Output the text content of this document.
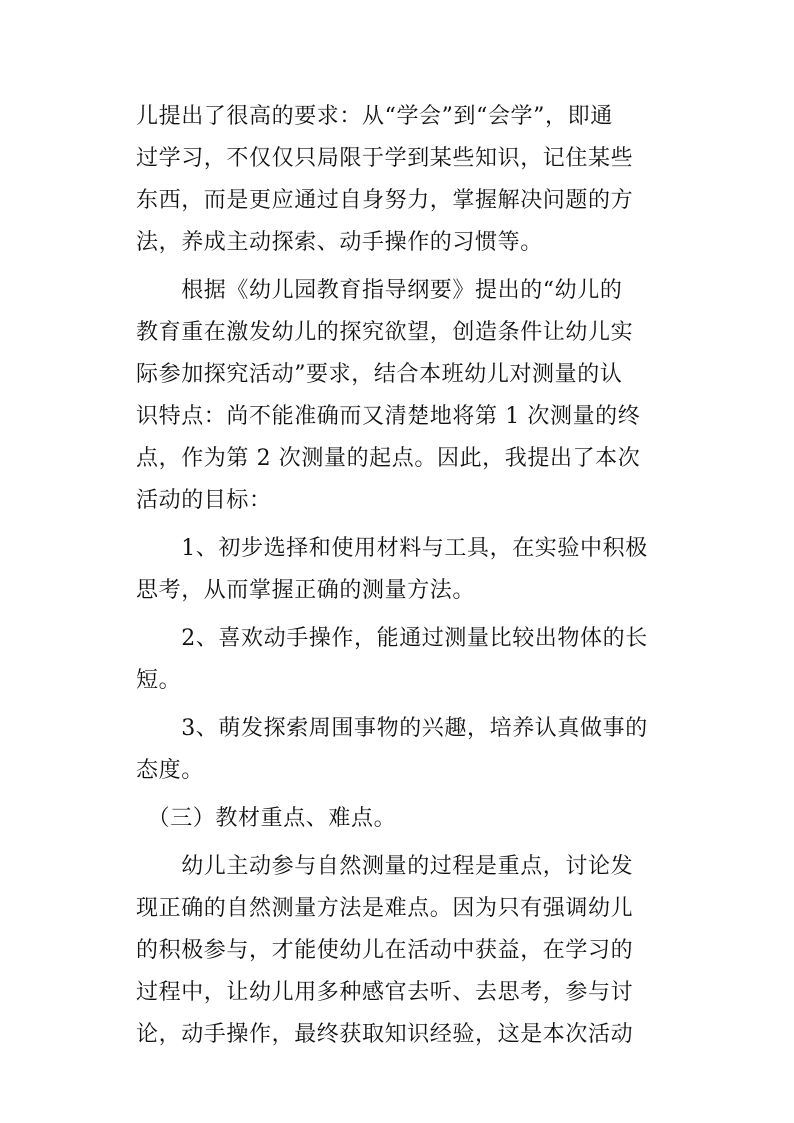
儿提出了很高的要求：从“学会”到“会学”，即通
过学习，不仅仅只局限于学到某些知识，记住某些
东西，而是更应通过自身努力，掌握解决问题的方
法，养成主动探索、动手操作的习惯等。
　　根据《幼儿园教育指导纲要》提出的“幼儿的
教育重在激发幼儿的探究欲望，创造条件让幼儿实
际参加探究活动”要求，结合本班幼儿对测量的认
识特点：尚不能准确而又清楚地将第 1 次测量的终
点，作为第 2 次测量的起点。因此，我提出了本次
活动的目标：
　　1、初步选择和使用材料与工具，在实验中积极
思考，从而掌握正确的测量方法。
　　2、喜欢动手操作，能通过测量比较出物体的长
短。
　　3、萌发探索周围事物的兴趣，培养认真做事的
态度。
　（三）教材重点、难点。
　　幼儿主动参与自然测量的过程是重点，讨论发
现正确的自然测量方法是难点。因为只有强调幼儿
的积极参与，才能使幼儿在活动中获益，在学习的
过程中，让幼儿用多种感官去听、去思考，参与讨
论，动手操作，最终获取知识经验，这是本次活动
